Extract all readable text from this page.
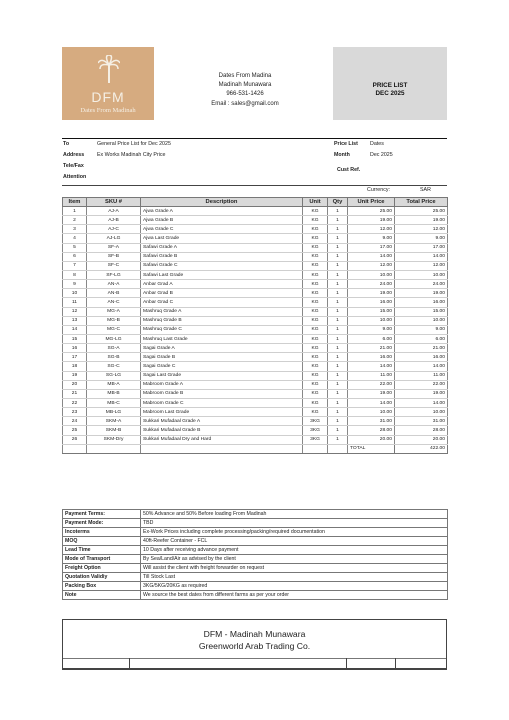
DFM
Dates From Madinah
Dates From Madina
Madinah Munawara
966-531-1426
Email : sales@gmail.com
PRICE LIST
DEC 2025
To	General Price List for Dec 2025
Address Ex Works Madinah City Price
Tele/Fax
Attention
Price List Dates
Month	Dec 2025
Cust Ref.
Currency:	SAR
Item	SKU #	Description	Unit	Qty	Unit Price	Total Price
1	AJ-A	Ajwa Grade A	KG	1	25.00	25.00
2	AJ-B	Ajwa Grade B	KG	1	19.00	19.00
3	AJ-C	Ajwa Grade C	KG	1	12.00	12.00
4	AJ-LG	Ajwa Last Grade	KG	1	9.00	9.00
5	SF-A	Safawi Grade A	KG	1	17.00	17.00
6	SF-B	Safawi Grade B	KG	1	14.00	14.00
7	SF-C	Safawi Grade C	KG	1	12.00	12.00
8	SF-LG	Safawi Last Grade	KG	1	10.00	10.00
9	AN-A	Anbar Grad A	KG	1	24.00	24.00
10	AN-B	Anbar Grad B	KG	1	19.00	19.00
11	AN-C	Anbar Grad C	KG	1	16.00	16.00
12	MG-A	Mashruq Grade A	KG	1	15.00	15.00
13	MG-B	Mashruq Grade B	KG	1	10.00	10.00
14	MG-C	Mashruq Grade C	KG	1	9.00	9.00
15	MG-LG	Mashruq Last Grade	KG	1	6.00	6.00
16	SG-A	Sagai Grade A	KG	1	21.00	21.00
17	SG-B	Sagai Grade B	KG	1	16.00	16.00
18	SG-C	Sagai Grade C	KG	1	14.00	14.00
19	SG-LG	Sagai Last Grade	KG	1	11.00	11.00
20	MB-A	Mabroom Grade A	KG	1	22.00	22.00
21	MB-B	Mabroom Grade B	KG	1	19.00	19.00
22	MB-C	Mabroom Grade C	KG	1	14.00	14.00
23	MB-LG	Mabroom Last Grade	KG	1	10.00	10.00
24	SKM-A	Sukkari Mufadaal Grade A	3KG	1	31.00	31.00
25	SKM-B	Sukkari Mufadaal Grade B	3KG	1	28.00	28.00
26	SKM-Dry	Sukkari Mufadaal Dry and Hard	3KG	1	20.00	20.00
					TOTAL	422.00
Payment Terms:	50% Advance and 50% Before loading From Madinah
Payment Mode:	TBD
Incoterms	Ex-Work Prices including complete processing/packing/required documentation
MOQ	40ft-Reefer Container - FCL
Lead Time	10 Days after receiving advance payment
Mode of Transport	By Sea/Land/Air as advised by the client
Freight Option	Will assist the client with freight forwarder on request
Quotation Validiy	Till Stock Last
Packing Box	3KG/5KG/20KG as required
Note	We source the best dates from different farms as per your order
DFM - Madinah Munawara
Greenworld Arab Trading Co.
